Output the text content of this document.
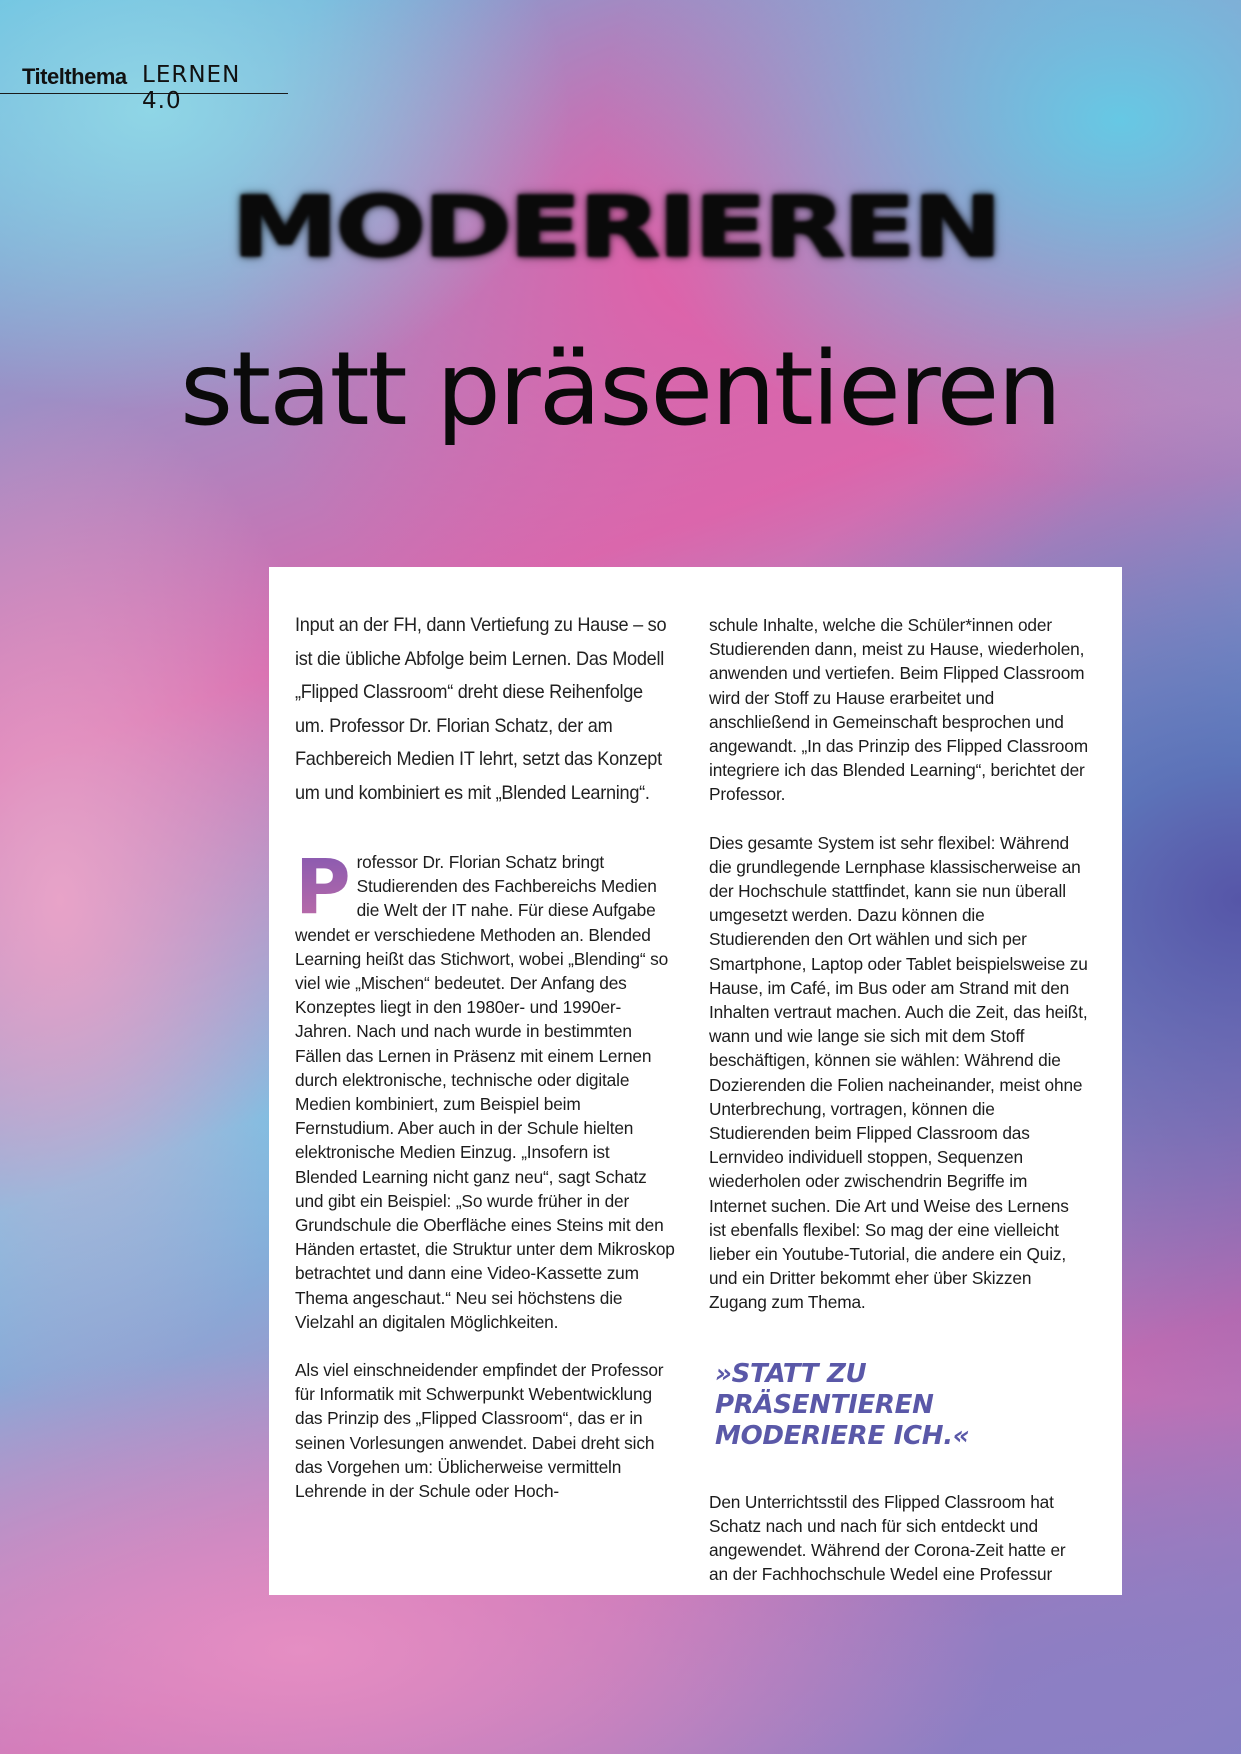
Titelthema LERNEN 4.0
MODERIEREN
statt präsentieren

Input an der FH, dann Vertiefung zu Hause – so ist die übliche Abfolge beim Lernen. Das Modell „Flipped Classroom“ dreht diese Reihenfolge um. Professor Dr. Florian Schatz, der am Fachbereich Medien IT lehrt, setzt das Konzept um und kombiniert es mit „Blended Learning“.

P rofessor Dr. Florian Schatz bringt Studierenden des Fachbereichs Medien die Welt der IT nahe. Für diese Aufgabe wendet er verschiedene Methoden an. Blended Learning heißt das Stichwort, wobei „Blending“ so viel wie „Mischen“ bedeutet. Der Anfang des Konzeptes liegt in den 1980er- und 1990er-Jahren. Nach und nach wurde in bestimmten Fällen das Lernen in Präsenz mit einem Lernen durch elektronische, technische oder digitale Medien kombiniert, zum Beispiel beim Fernstudium. Aber auch in der Schule hielten elektronische Medien Einzug. „Insofern ist Blended Learning nicht ganz neu“, sagt Schatz und gibt ein Beispiel: „So wurde früher in der Grundschule die Oberfläche eines Steins mit den Händen ertastet, die Struktur unter dem Mikroskop betrachtet und dann eine Video-Kassette zum Thema angeschaut.“ Neu sei höchstens die Vielzahl an digitalen Möglichkeiten.

Als viel einschneidender empfindet der Professor für Informatik mit Schwerpunkt Webentwicklung das Prinzip des „Flipped Classroom“, das er in seinen Vorlesungen anwendet. Dabei dreht sich das Vorgehen um: Üblicherweise vermitteln Lehrende in der Schule oder Hoch-

schule Inhalte, welche die Schüler*innen oder Studierenden dann, meist zu Hause, wiederholen, anwenden und vertiefen. Beim Flipped Classroom wird der Stoff zu Hause erarbeitet und anschließend in Gemeinschaft besprochen und angewandt. „In das Prinzip des Flipped Classroom integriere ich das Blended Learning“, berichtet der Professor.

Dies gesamte System ist sehr flexibel: Während die grundlegende Lernphase klassischerweise an der Hochschule stattfindet, kann sie nun überall umgesetzt werden. Dazu können die Studierenden den Ort wählen und sich per Smartphone, Laptop oder Tablet beispielsweise zu Hause, im Café, im Bus oder am Strand mit den Inhalten vertraut machen. Auch die Zeit, das heißt, wann und wie lange sie sich mit dem Stoff beschäftigen, können sie wählen: Während die Dozierenden die Folien nacheinander, meist ohne Unterbrechung, vortragen, können die Studierenden beim Flipped Classroom das Lernvideo individuell stoppen, Sequenzen wiederholen oder zwischendrin Begriffe im Internet suchen. Die Art und Weise des Lernens ist ebenfalls flexibel: So mag der eine vielleicht lieber ein Youtube-Tutorial, die andere ein Quiz, und ein Dritter bekommt eher über Skizzen Zugang zum Thema.

»STATT ZU PRÄSENTIEREN MODERIERE ICH.«

Den Unterrichtsstil des Flipped Classroom hat Schatz nach und nach für sich entdeckt und angewendet. Während der Corona-Zeit hatte er an der Fachhochschule Wedel eine Professur
